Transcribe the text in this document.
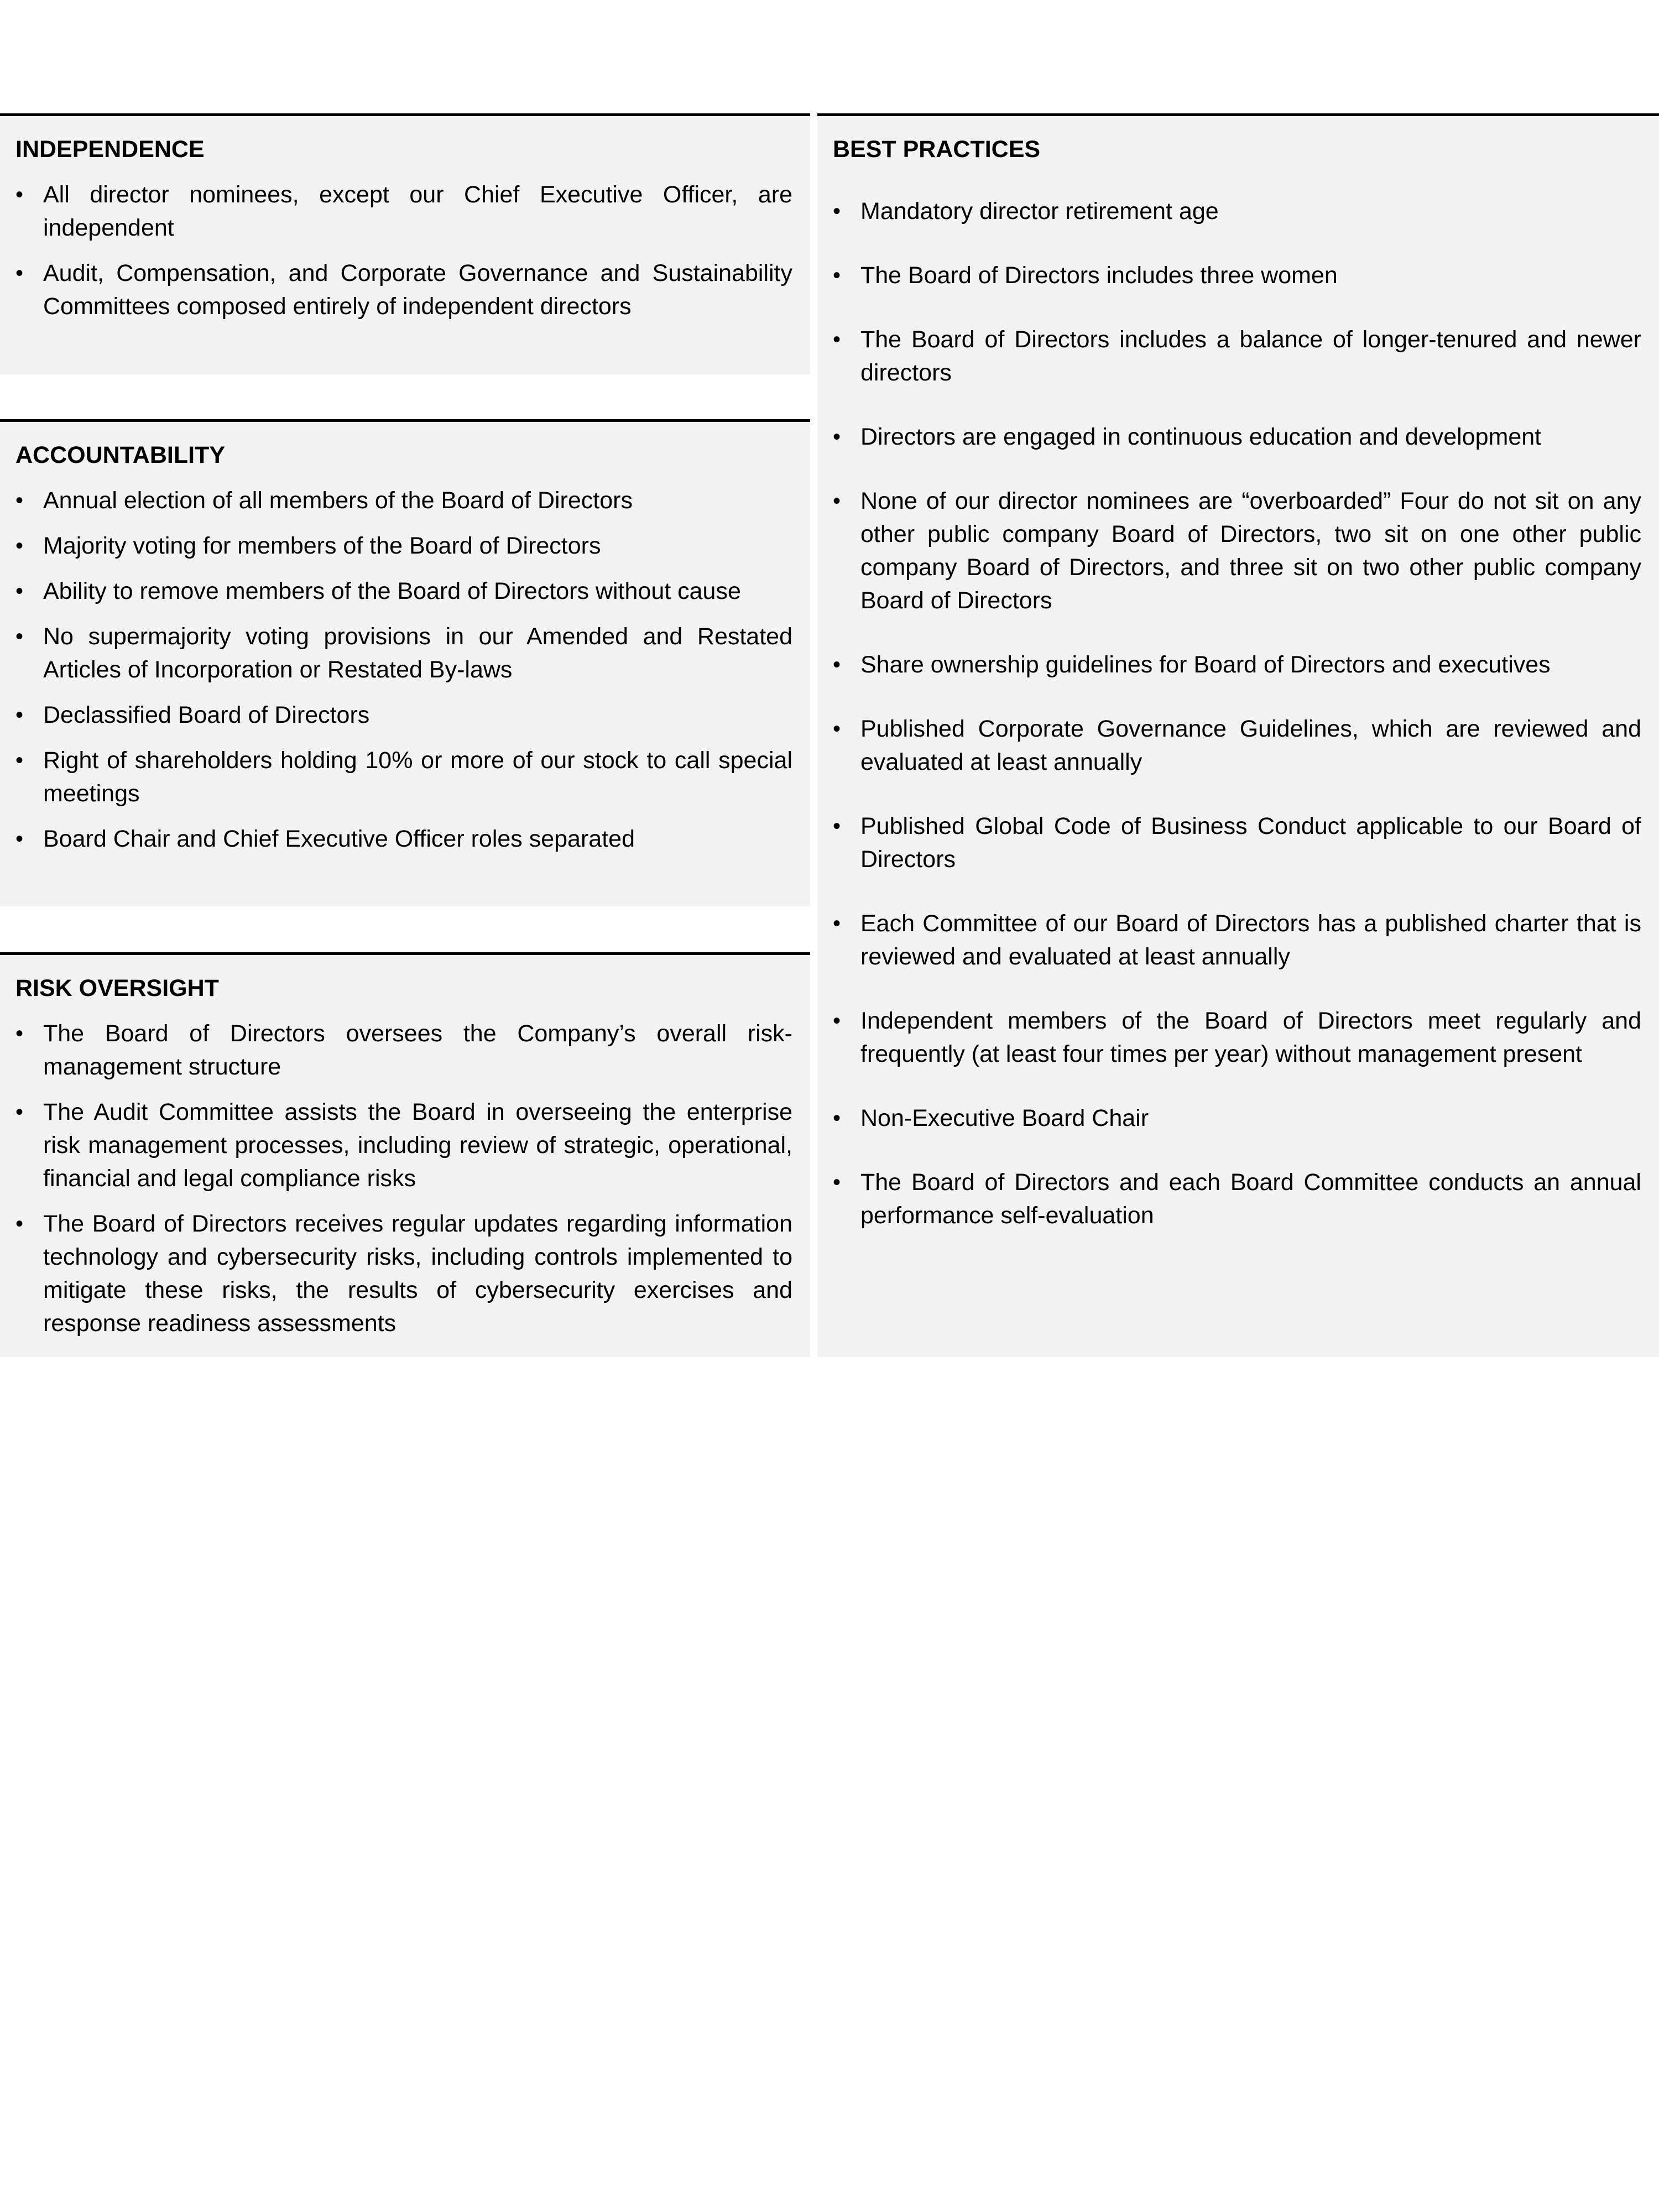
INDEPENDENCE
• All director nominees, except our Chief Executive Officer, are independent
• Audit, Compensation, and Corporate Governance and Sustainability Committees composed entirely of independent directors
ACCOUNTABILITY
• Annual election of all members of the Board of Directors
• Majority voting for members of the Board of Directors
• Ability to remove members of the Board of Directors without cause
• No supermajority voting provisions in our Amended and Restated Articles of Incorporation or Restated By-laws
• Declassified Board of Directors
• Right of shareholders holding 10% or more of our stock to call special meetings
• Board Chair and Chief Executive Officer roles separated
RISK OVERSIGHT
• The Board of Directors oversees the Company’s overall risk-management structure
• The Audit Committee assists the Board in overseeing the enterprise risk management processes, including review of strategic, operational, financial and legal compliance risks
• The Board of Directors receives regular updates regarding information technology and cybersecurity risks, including controls implemented to mitigate these risks, the results of cybersecurity exercises and response readiness assessments
BEST PRACTICES
• Mandatory director retirement age
• The Board of Directors includes three women
• The Board of Directors includes a balance of longer-tenured and newer directors
• Directors are engaged in continuous education and development
• None of our director nominees are “overboarded” Four do not sit on any other public company Board of Directors, two sit on one other public company Board of Directors, and three sit on two other public company Board of Directors
• Share ownership guidelines for Board of Directors and executives
• Published Corporate Governance Guidelines, which are reviewed and evaluated at least annually
• Published Global Code of Business Conduct applicable to our Board of Directors
• Each Committee of our Board of Directors has a published charter that is reviewed and evaluated at least annually
• Independent members of the Board of Directors meet regularly and frequently (at least four times per year) without management present
• Non-Executive Board Chair
• The Board of Directors and each Board Committee conducts an annual performance self-evaluation
